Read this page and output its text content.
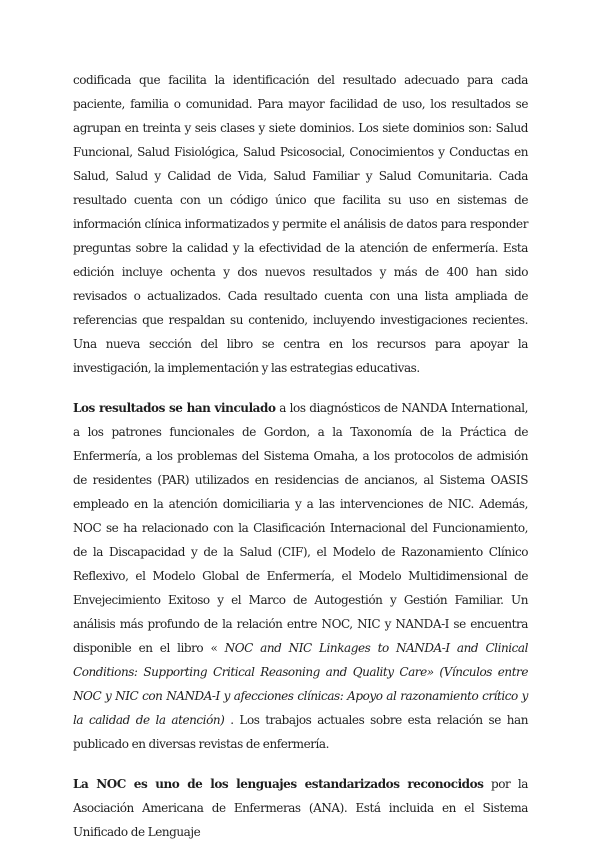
codificada que facilita la identificación del resultado adecuado para cada paciente, familia o comunidad. Para mayor facilidad de uso, los resultados se agrupan en treinta y seis clases y siete dominios. Los siete dominios son: Salud Funcional, Salud Fisiológica, Salud Psicosocial, Conocimientos y Conductas en Salud, Salud y Calidad de Vida, Salud Familiar y Salud Comunitaria. Cada resultado cuenta con un código único que facilita su uso en sistemas de información clínica informatizados y permite el análisis de datos para responder preguntas sobre la calidad y la efectividad de la atención de enfermería. Esta edición incluye ochenta y dos nuevos resultados y más de 400 han sido revisados o actualizados. Cada resultado cuenta con una lista ampliada de referencias que respaldan su contenido, incluyendo investigaciones recientes. Una nueva sección del libro se centra en los recursos para apoyar la investigación, la implementación y las estrategias educativas.

Los resultados se han vinculado a los diagnósticos de NANDA International, a los patrones funcionales de Gordon, a la Taxonomía de la Práctica de Enfermería, a los problemas del Sistema Omaha, a los protocolos de admisión de residentes (PAR) utilizados en residencias de ancianos, al Sistema OASIS empleado en la atención domiciliaria y a las intervenciones de NIC. Además, NOC se ha relacionado con la Clasificación Internacional del Funcionamiento, de la Discapacidad y de la Salud (CIF), el Modelo de Razonamiento Clínico Reflexivo, el Modelo Global de Enfermería, el Modelo Multidimensional de Envejecimiento Exitoso y el Marco de Autogestión y Gestión Familiar. Un análisis más profundo de la relación entre NOC, NIC y NANDA-I se encuentra disponible en el libro « NOC and NIC Linkages to NANDA-I and Clinical Conditions: Supporting Critical Reasoning and Quality Care» (Vínculos entre NOC y NIC con NANDA-I y afecciones clínicas: Apoyo al razonamiento crítico y la calidad de la atención) . Los trabajos actuales sobre esta relación se han publicado en diversas revistas de enfermería.

La NOC es uno de los lenguajes estandarizados reconocidos por la Asociación Americana de Enfermeras (ANA). Está incluida en el Sistema Unificado de Lenguaje
